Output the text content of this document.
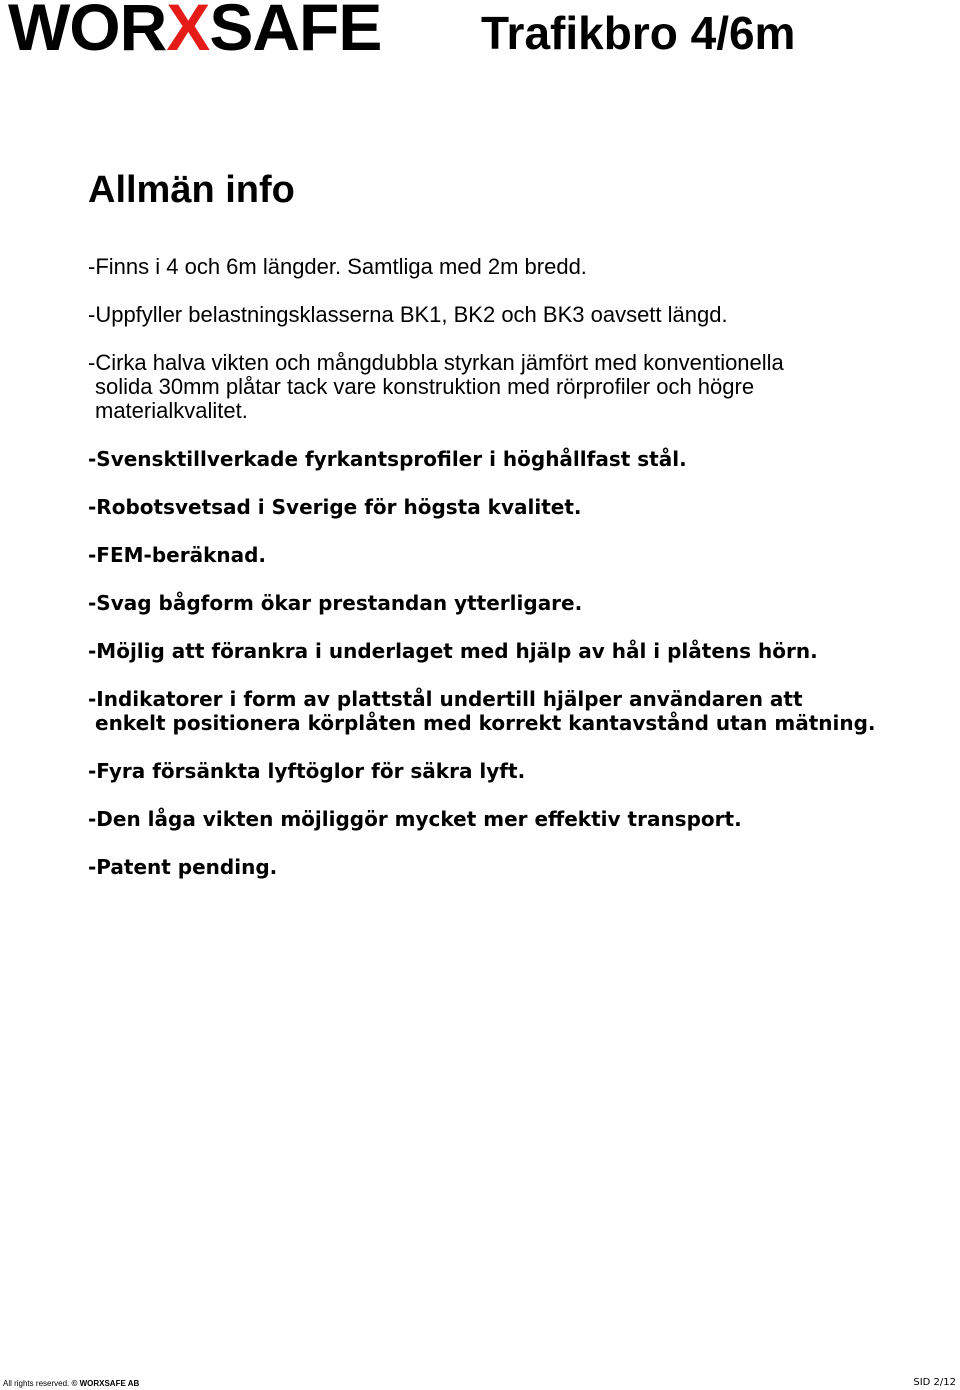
WORXSAFE Trafikbro 4/6m
Allmän info
-Finns i 4 och 6m längder. Samtliga med 2m bredd.
-Uppfyller belastningsklasserna BK1, BK2 och BK3 oavsett längd.
-Cirka halva vikten och mångdubbla styrkan jämfört med konventionella
solida 30mm plåtar tack vare konstruktion med rörprofiler och högre
materialkvalitet.
-Svensktillverkade fyrkantsprofiler i höghållfast stål.
-Robotsvetsad i Sverige för högsta kvalitet.
-FEM-beräknad.
-Svag bågform ökar prestandan ytterligare.
-Möjlig att förankra i underlaget med hjälp av hål i plåtens hörn.
-Indikatorer i form av plattstål undertill hjälper användaren att
enkelt positionera körplåten med korrekt kantavstånd utan mätning.
-Fyra försänkta lyftöglor för säkra lyft.
-Den låga vikten möjliggör mycket mer effektiv transport.
-Patent pending.
All rights reserved. © WORXSAFE AB	SID 2/12
